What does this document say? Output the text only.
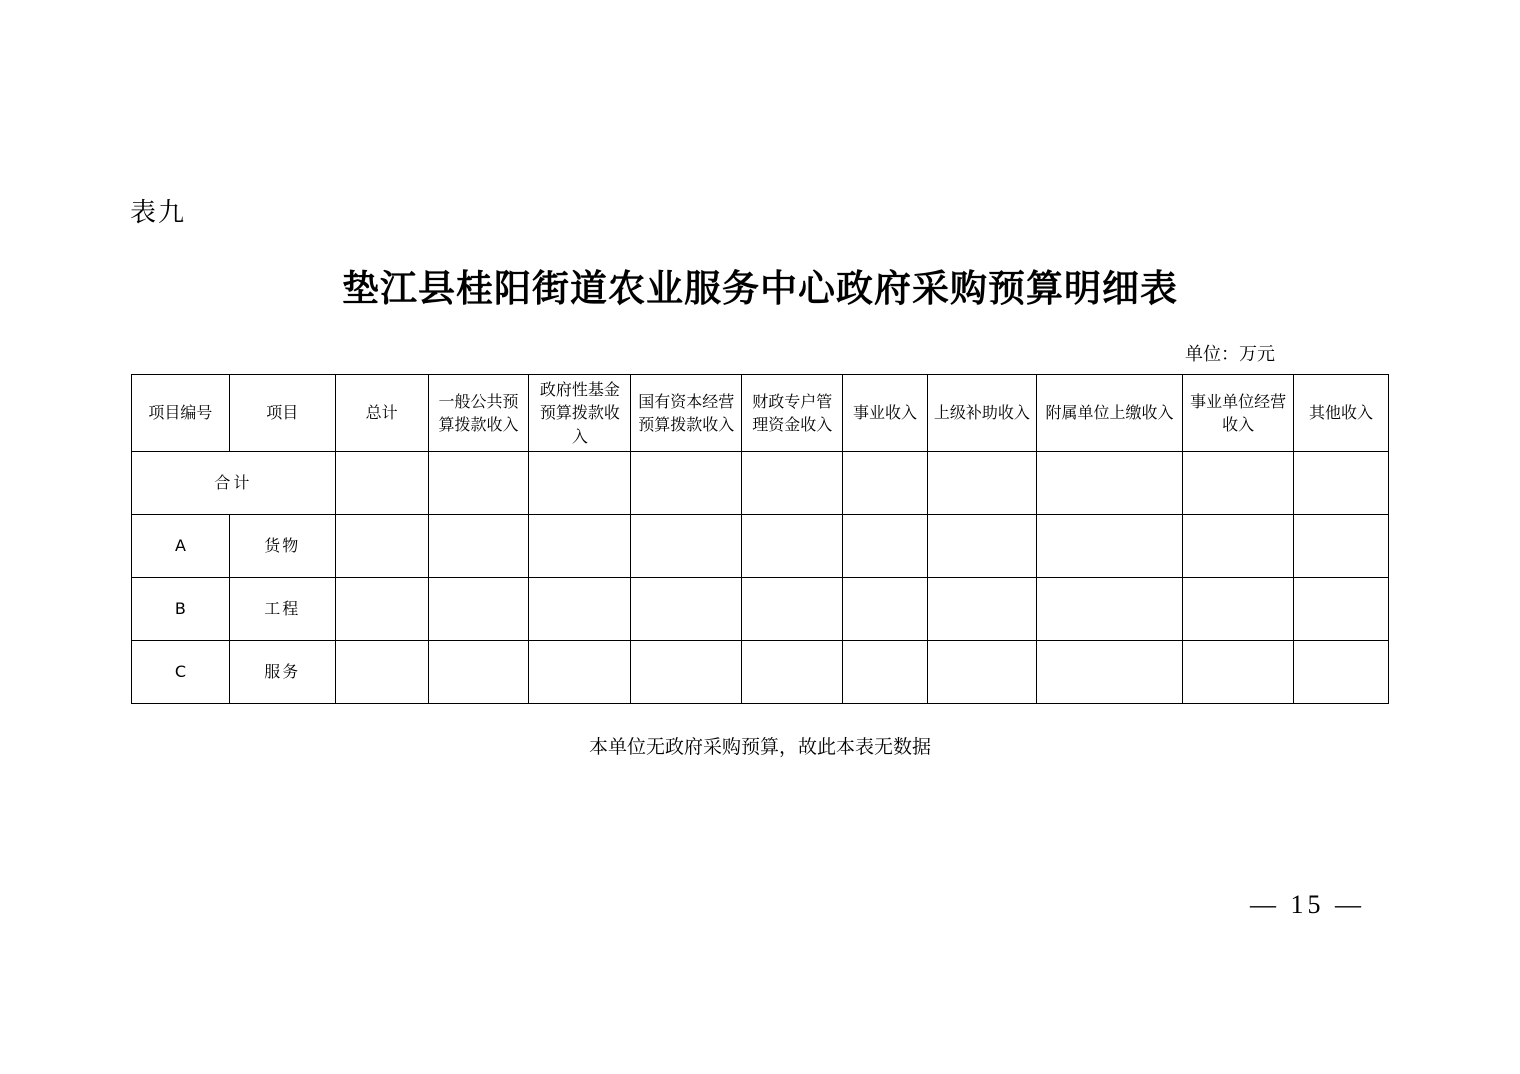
表九
垫江县桂阳街道农业服务中心政府采购预算明细表
单位：万元
项目编号	项目	总计	一般公共预算拨款收入	政府性基金预算拨款收入	国有资本经营预算拨款收入	财政专户管理资金收入	事业收入	上级补助收入	附属单位上缴收入	事业单位经营收入	其他收入
合计											
A	货物										
B	工程										
C	服务										
本单位无政府采购预算，故此本表无数据
— 15 —
